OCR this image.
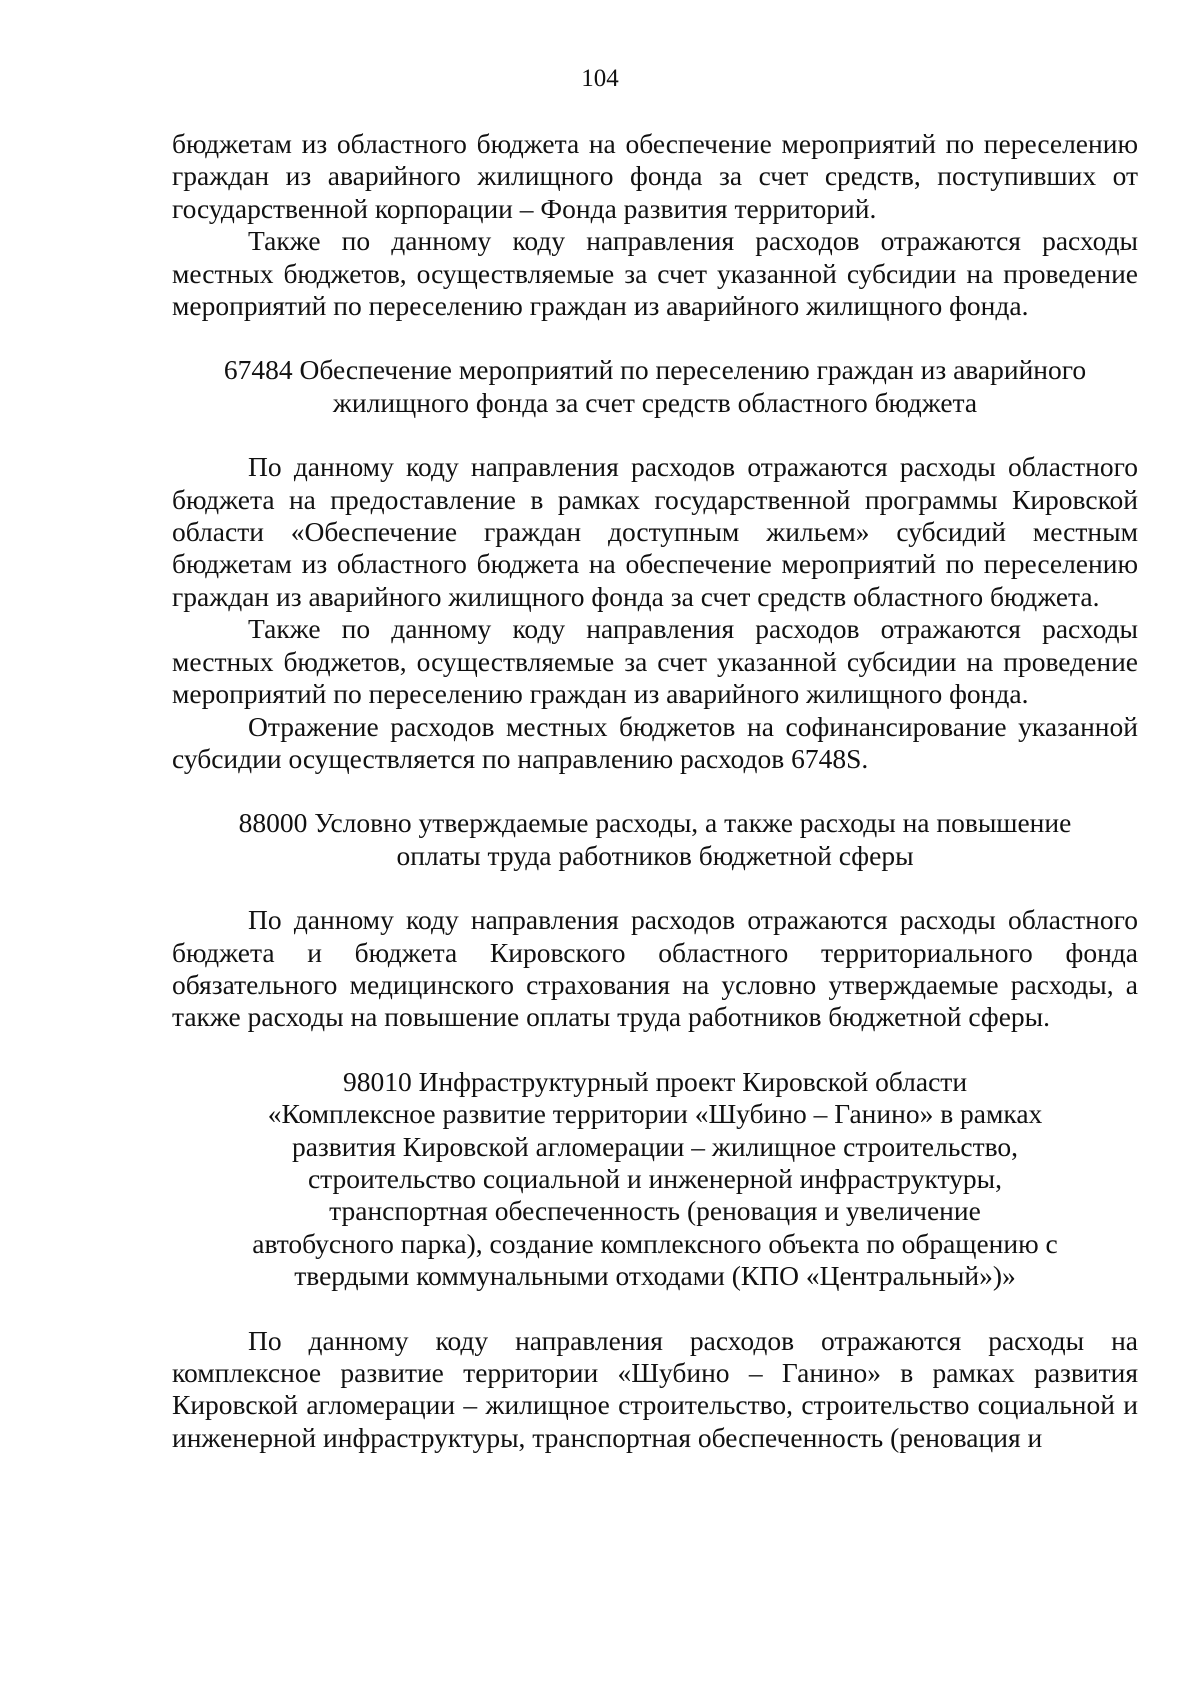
104

бюджетам из областного бюджета на обеспечение мероприятий по переселению граждан из аварийного жилищного фонда за счет средств, поступивших от государственной корпорации – Фонда развития территорий.

Также по данному коду направления расходов отражаются расходы местных бюджетов, осуществляемые за счет указанной субсидии на проведение мероприятий по переселению граждан из аварийного жилищного фонда.

67484 Обеспечение мероприятий по переселению граждан из аварийного
жилищного фонда за счет средств областного бюджета

По данному коду направления расходов отражаются расходы областного бюджета на предоставление в рамках государственной программы Кировской области «Обеспечение граждан доступным жильем» субсидий местным бюджетам из областного бюджета на обеспечение мероприятий по переселению граждан из аварийного жилищного фонда за счет средств областного бюджета.

Также по данному коду направления расходов отражаются расходы местных бюджетов, осуществляемые за счет указанной субсидии на проведение мероприятий по переселению граждан из аварийного жилищного фонда.

Отражение расходов местных бюджетов на софинансирование указанной субсидии осуществляется по направлению расходов 6748S.

88000 Условно утверждаемые расходы, а также расходы на повышение
оплаты труда работников бюджетной сферы

По данному коду направления расходов отражаются расходы областного бюджета и бюджета Кировского областного территориального фонда обязательного медицинского страхования на условно утверждаемые расходы, а также расходы на повышение оплаты труда работников бюджетной сферы.

98010 Инфраструктурный проект Кировской области
«Комплексное развитие территории «Шубино – Ганино» в рамках
развития Кировской агломерации – жилищное строительство,
строительство социальной и инженерной инфраструктуры,
транспортная обеспеченность (реновация и увеличение
автобусного парка), создание комплексного объекта по обращению с
твердыми коммунальными отходами (КПО «Центральный»)»

По данному коду направления расходов отражаются расходы на комплексное развитие территории «Шубино – Ганино» в рамках развития Кировской агломерации – жилищное строительство, строительство социальной и инженерной инфраструктуры, транспортная обеспеченность (реновация и
